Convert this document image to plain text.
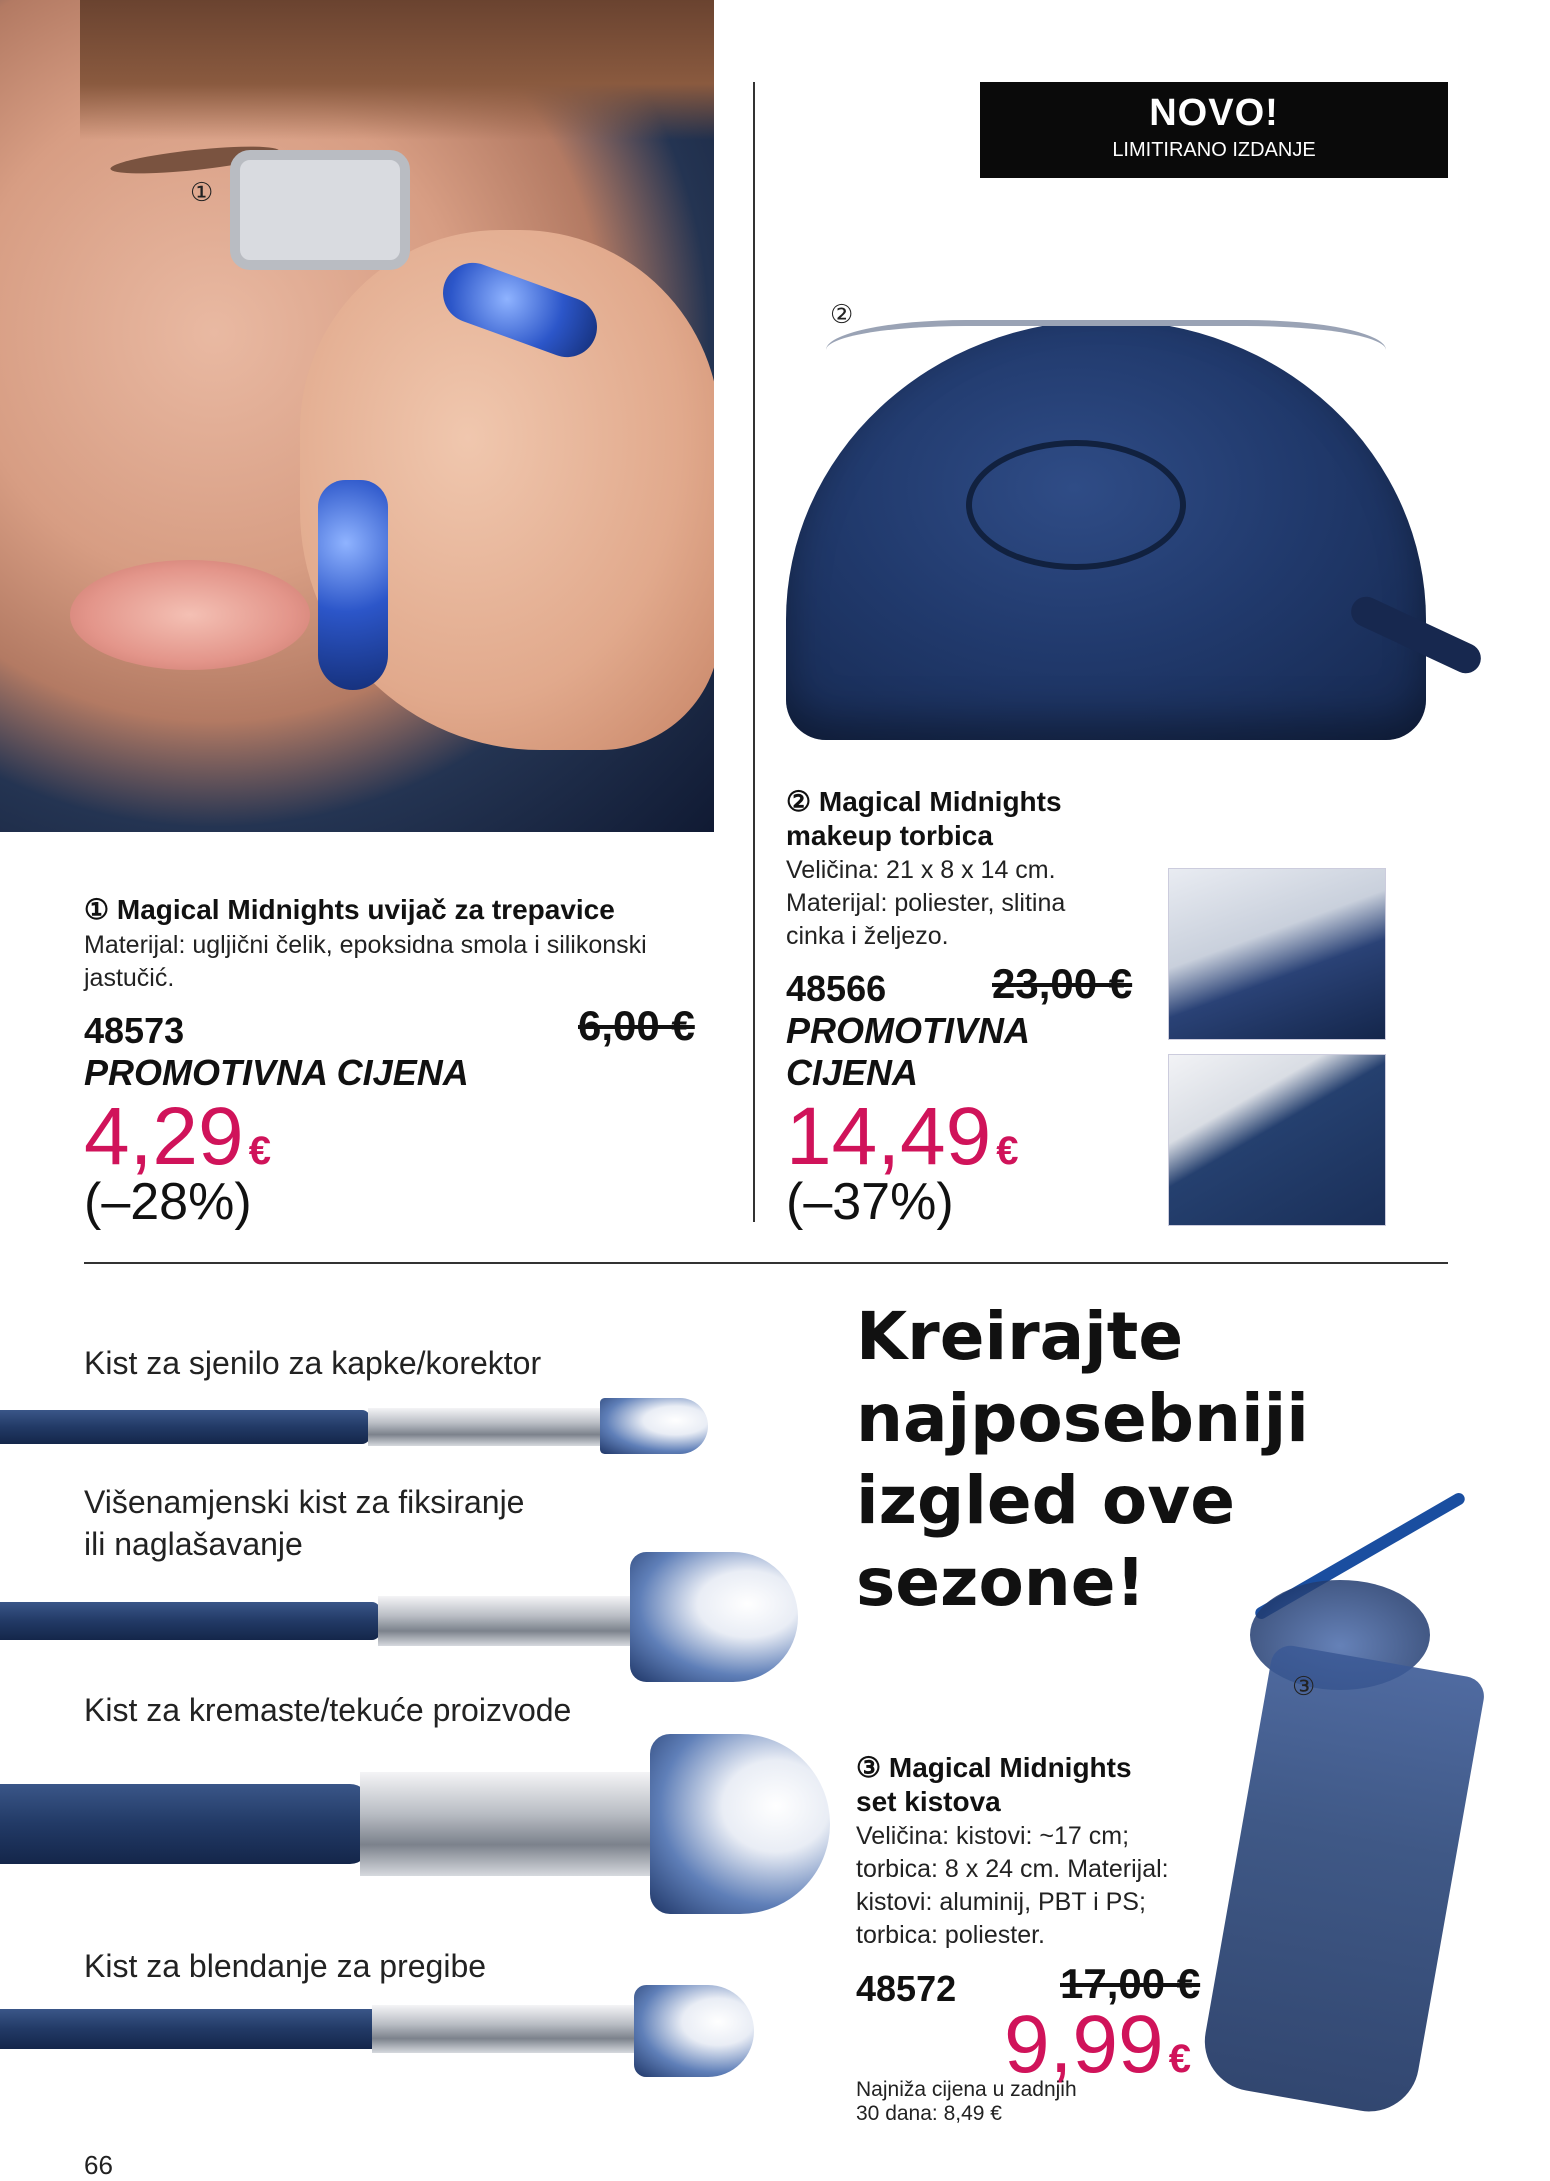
①
NOVO!
LIMITIRANO IZDANJE
②
① Magical Midnights uvijač za trepavice
Materijal: ugljični čelik, epoksidna smola i silikonski jastučić.
48573	6,00 €
PROMOTIVNA CIJENA
4,29 €
(–28%)
② Magical Midnights
makeup torbica
Veličina: 21 x 8 x 14 cm.
Materijal: poliester, slitina
cinka i željezo.
48566	23,00 €
PROMOTIVNA
CIJENA
14,49 €
(–37%)
Kist za sjenilo za kapke/korektor
Višenamjenski kist za fiksiranje
ili naglašavanje
Kist za kremaste/tekuće proizvode
Kist za blendanje za pregibe
Kreirajte
najposebniji
izgled ove
sezone!
③
③ Magical Midnights
set kistova
Veličina: kistovi: ~17 cm;
torbica: 8 x 24 cm. Materijal:
kistovi: aluminij, PBT i PS;
torbica: poliester.
48572 17,00 €
9,99 €
Najniža cijena u zadnjih
30 dana: 8,49 €
66
